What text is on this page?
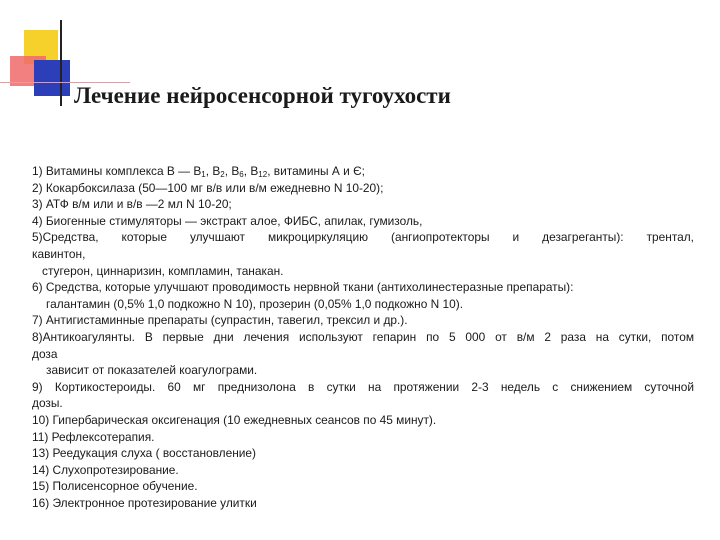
Лечение нейросенсорной тугоухости
1) Витамины комплекса В — $В_1$, $В_2$, $В_6$, $В_{12}$, витамины А и Є;
2) Кокарбоксилаза (50—100 мг в/в или в/м ежедневно N 10-20);
3) АТФ в/м или и в/в —2 мл N 10-20;
4) Биогенные стимуляторы — экстракт алое, ФИБС, апилак, гумизоль,
5)Средства, которые улучшают микроциркуляцию (ангиопротекторы и дезагреганты): трентал,
кавинтон,
стугерон, циннаризин, компламин, танакан.
6) Средства, которые улучшают проводимость нервной ткани (антихолинестеразные препараты):
галантамин (0,5% 1,0 подкожно N 10), прозерин (0,05% 1,0 подкожно N 10).
7) Антигистаминные препараты (супрастин, тавегил, трексил и др.).
8)Антикоагулянты. В первые дни лечения используют гепарин по 5 000 от в/м 2 раза на сутки, потом
доза
зависит от показателей коагулограми.
9) Кортикостероиды. 60 мг преднизолона в сутки на протяжении 2-3 недель с снижением суточной
дозы.
10) Гипербарическая оксигенация (10 ежедневных сеансов по 45 минут).
11) Рефлексотерапия.
13) Реедукация слуха ( восстановление)
14) Слухопротезирование.
15) Полисенсорное обучение.
16) Электронное протезирование улитки
